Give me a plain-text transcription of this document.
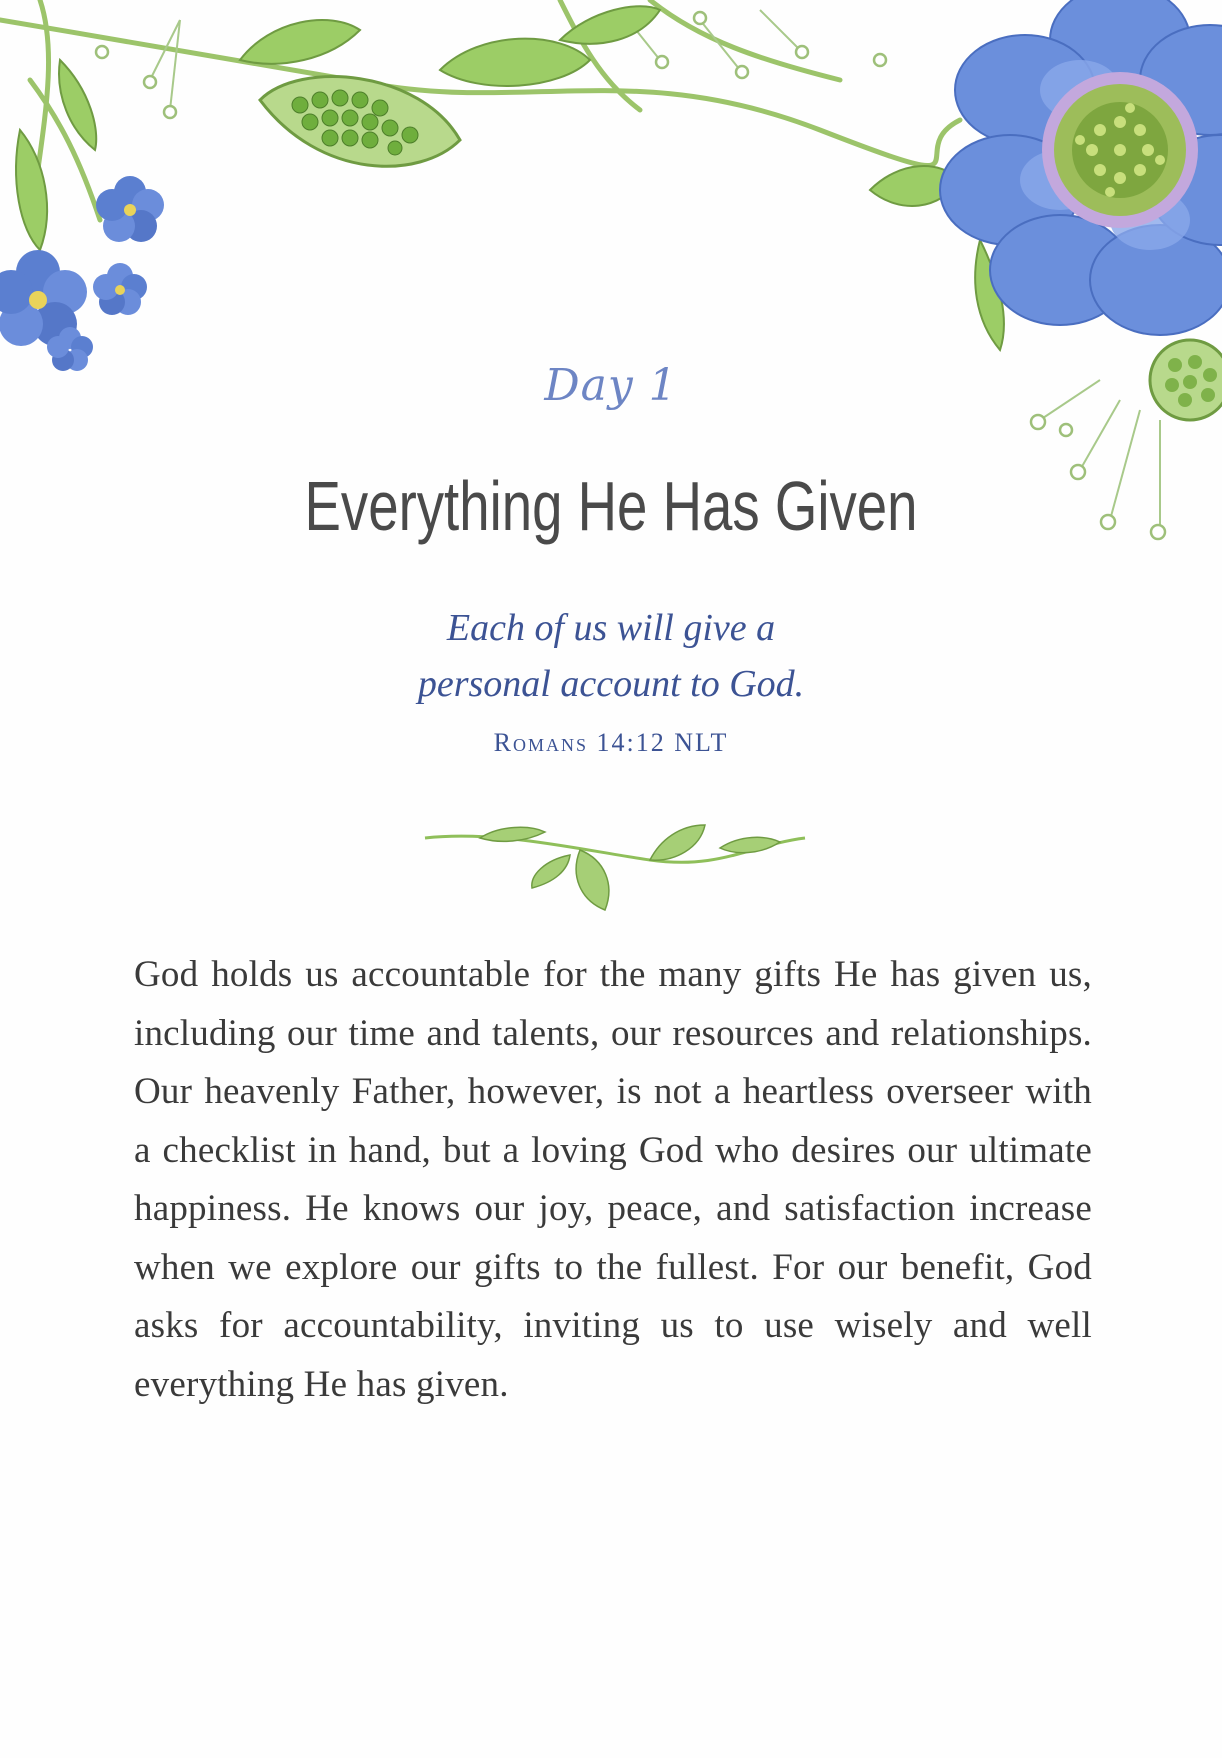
Day 1
Everything He Has Given
Each of us will give a
personal account to God.
Romans 14:12 NLT
God holds us accountable for the many gifts He has given us, including our time and talents, our resources and relationships. Our heavenly Father, however, is not a heartless overseer with a checklist in hand, but a loving God who desires our ultimate happiness. He knows our joy, peace, and satisfaction increase when we explore our gifts to the fullest. For our benefit, God asks for accountability, inviting us to use wisely and well everything He has given.
